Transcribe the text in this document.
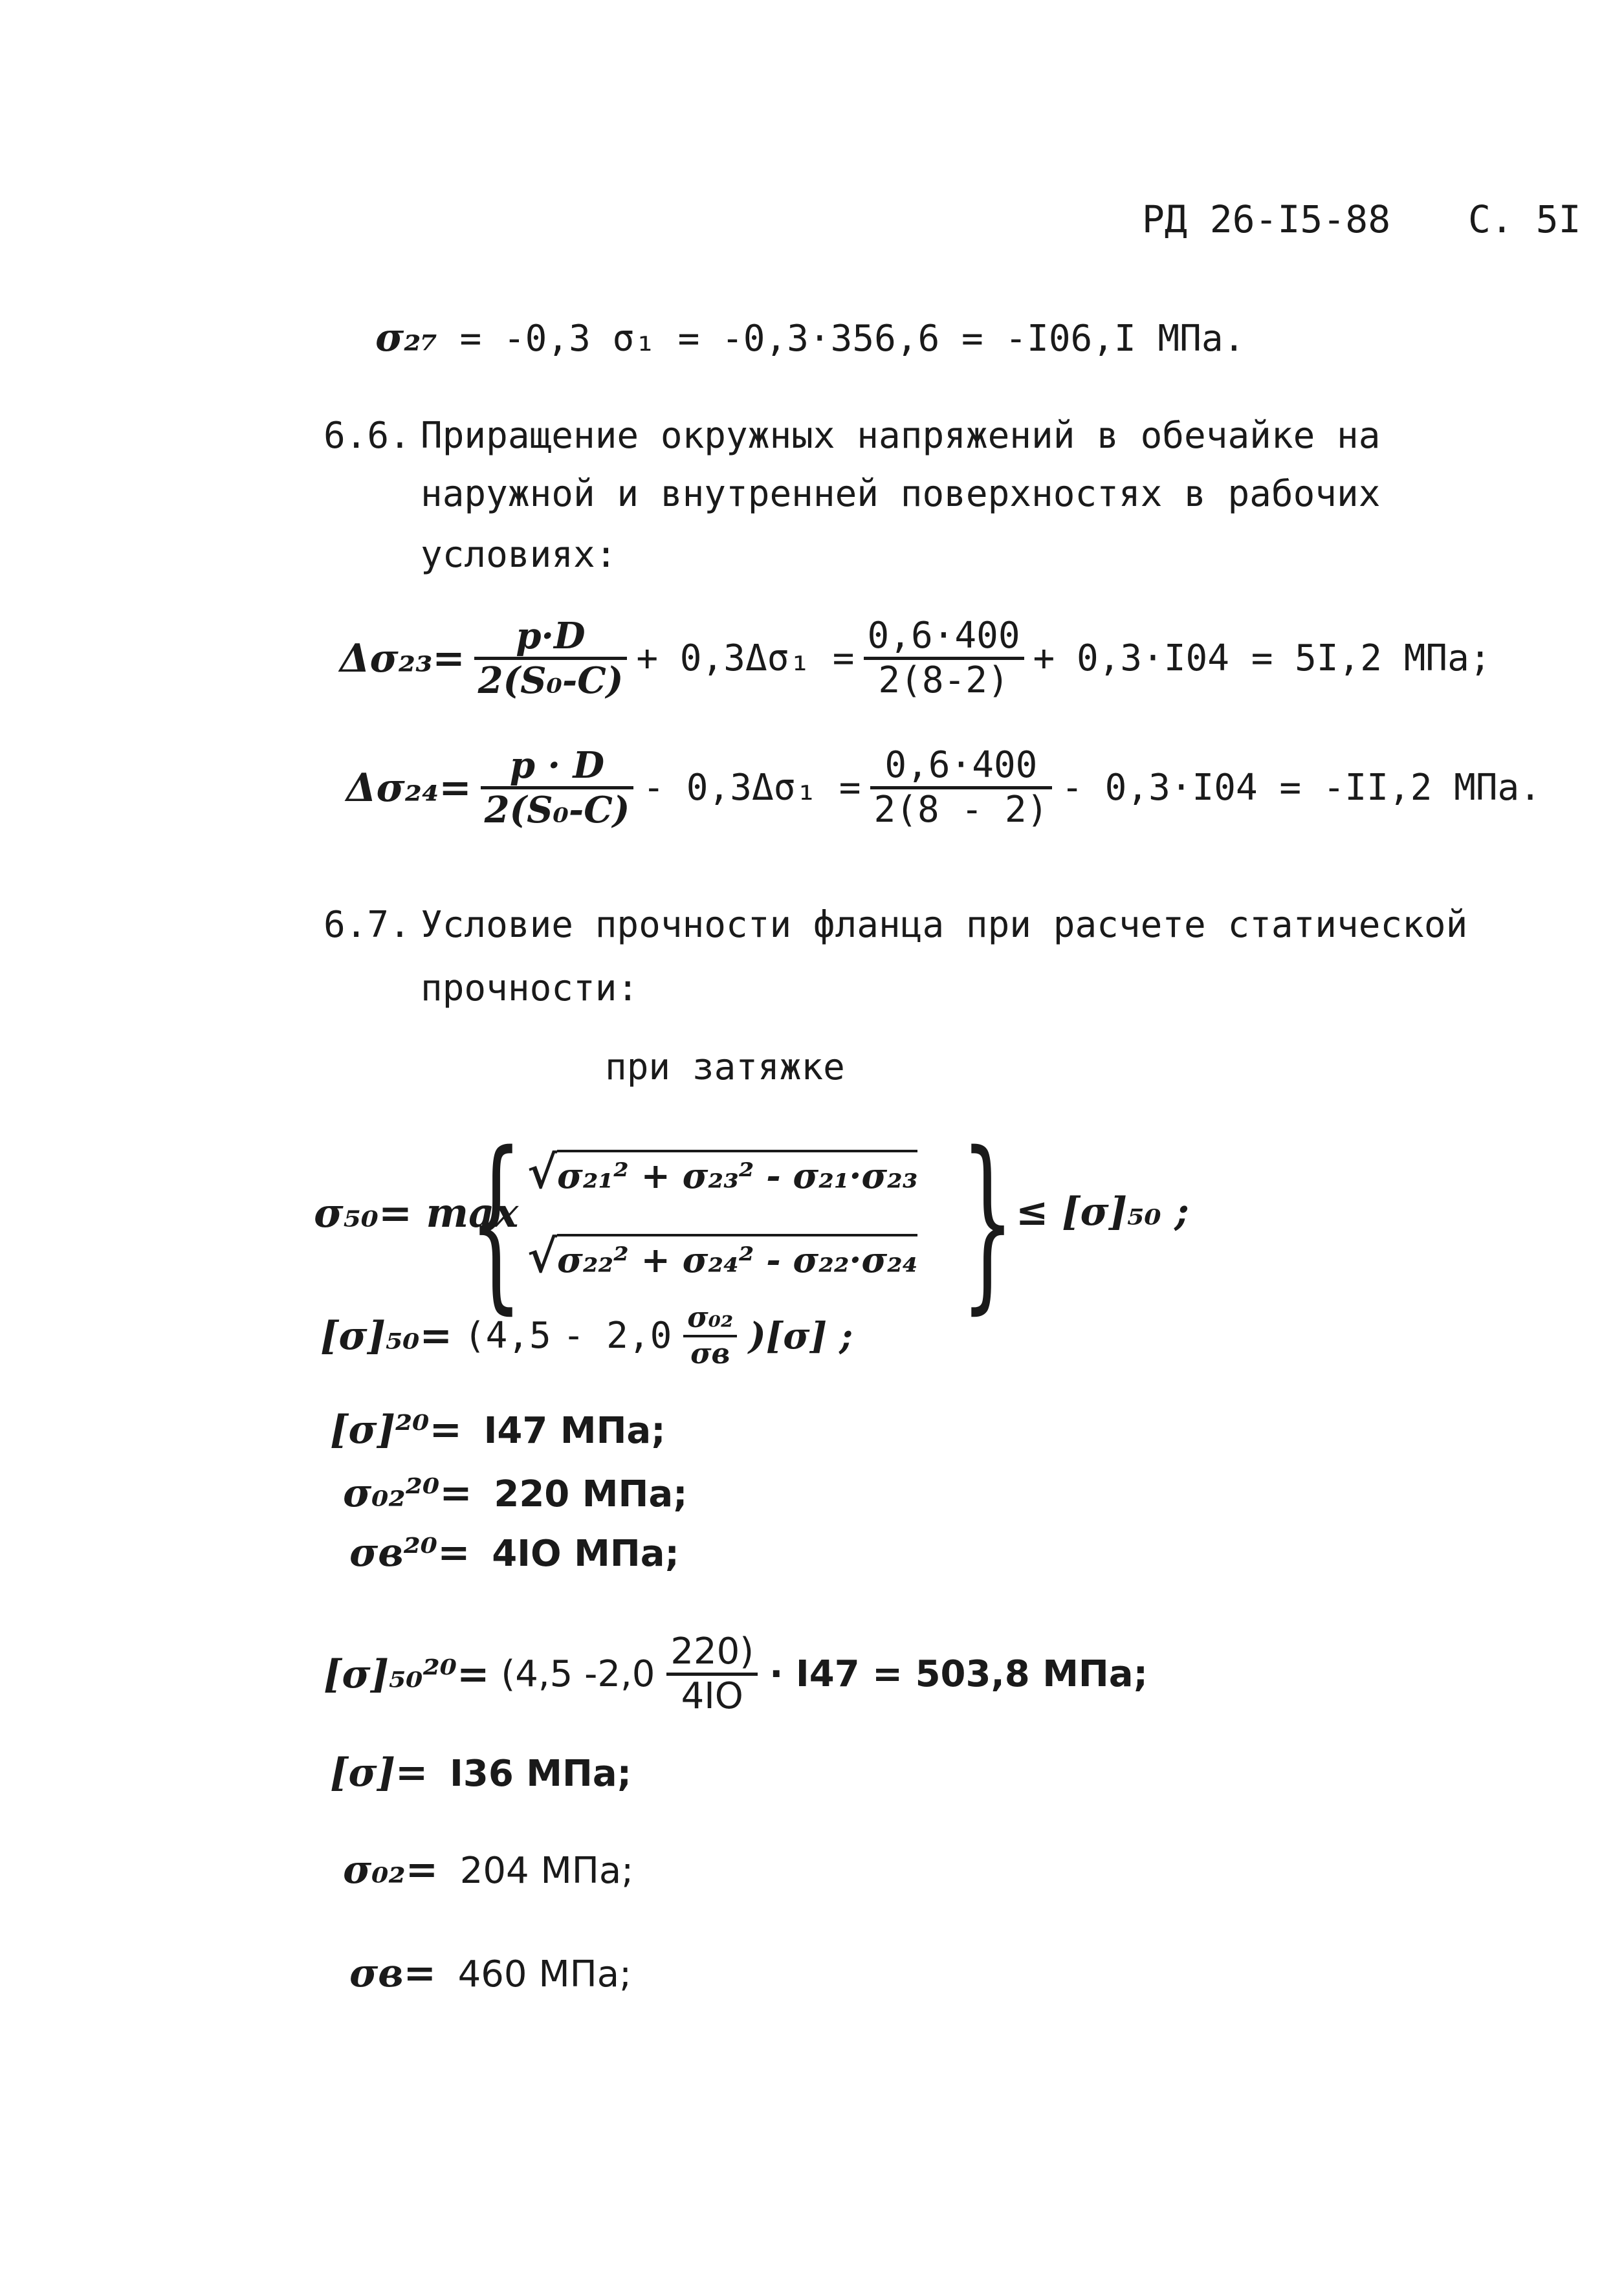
РД 26-І5-88 С. 5І
σ₂₇ = -0,3 σ₁ = -0,3·356,6 = -І06,І МПа.
6.6. Приращение окружных напряжений в обечайке на
наружной и внутренней поверхностях в рабочих
условиях:
$\Delta\sigma_{23}= \frac{p\cdot D}{\text{2(S₀-C)}} + 0,3\Delta\sigma_1 = \frac{0,6\cdot 400}{2(8-2)} + 0,3\cdot І04 = 5І,2$ МПа;
$\Delta\sigma_{24}= \frac{p \cdot D}{\text{2(S₀-C)}} - 0,3\Delta\sigma_1 = \frac{0,6\cdot 400}{2(8 - 2)} - 0,3\cdot І04 = -ІІ,2$ МПа.
6.7. Условие прочности фланца при расчете статической
прочности:
при затяжке
σ₅₀= max
{ √σ₂₁² + σ₂₃² - σ₂₁·σ₂₃
√σ₂₂² + σ₂₄² - σ₂₂·σ₂₄ } ≤ [σ]₅₀ ;
$[\sigma]_{50}= (4,5 - 2,0 \frac{\text{σ₀₂}}{\sigma в} )[\sigma]$ ;
[σ]²⁰= І47 МПа;
σ₀₂²⁰= 220 МПа;
σв²⁰= 4ІО МПа;
[σ]₅₀²⁰= (4,5 $-2,0 \frac{220)}{4ІО} \cdot І47 = 503,8$ МПа;
[σ]= І36 МПа;
σ₀₂= 204 МПа;
σв= 460 МПа;
